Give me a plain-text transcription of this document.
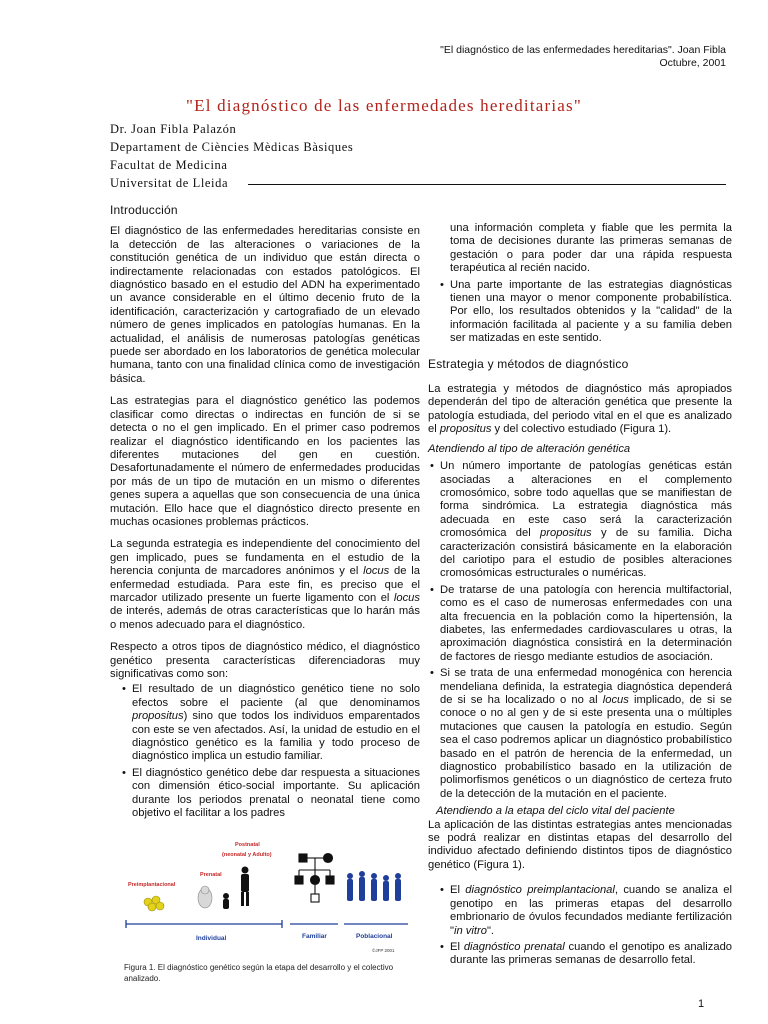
"El diagnóstico de las enfermedades hereditarias". Joan Fibla
Octubre, 2001
"El diagnóstico de las enfermedades hereditarias"
Dr. Joan Fibla Palazón
Departament de Ciències Mèdicas Bàsiques
Facultat de Medicina
Universitat de Lleida
Introducción

El diagnóstico de las enfermedades hereditarias consiste en la detección de las alteraciones o variaciones de la constitución genética de un individuo que están directa o indirectamente relacionadas con estados patológicos. El diagnóstico basado en el estudio del ADN ha experimentado un avance considerable en el último decenio fruto de la identificación, caracterización y cartografiado de un elevado número de genes implicados en patologías humanas. En la actualidad, el análisis de numerosas patologías genéticas puede ser abordado en los laboratorios de genética molecular humana, tanto con una finalidad clínica como de investigación básica.

Las estrategias para el diagnóstico genético las podemos clasificar como directas o indirectas en función de si se detecta o no el gen implicado. En el primer caso podremos realizar el diagnóstico identificando en los pacientes las diferentes mutaciones del gen en cuestión. Desafortunadamente el número de enfermedades producidas por más de un tipo de mutación en un mismo o diferentes genes supera a aquellas que son consecuencia de una única mutación. Ello hace que el diagnóstico directo presente en muchas ocasiones problemas prácticos.

La segunda estrategia es independiente del conocimiento del gen implicado, pues se fundamenta en el estudio de la herencia conjunta de marcadores anónimos y el locus de la enfermedad estudiada. Para este fin, es preciso que el marcador utilizado presente un fuerte ligamento con el locus de interés, además de otras características que lo harán más o menos adecuado para el diagnóstico.

Respecto a otros tipos de diagnóstico médico, el diagnóstico genético presenta características diferenciadoras muy significativas como son:

• El resultado de un diagnóstico genético tiene no solo efectos sobre el paciente (al que denominamos propositus) sino que todos los individuos emparentados con este se ven afectados. Así, la unidad de estudio en el diagnóstico genético es la familia y todo proceso de diagnóstico implica un estudio familiar.
• El diagnóstico genético debe dar respuesta a situaciones con dimensión ético-social importante. Su aplicación durante los periodos prenatal o neonatal tiene como objetivo el facilitar a los padres
Postnatal
(neonatal y Adulto)
Preimplantacional
Prenatal
Individual	Familiar	Poblacional
©JFP 2001
Figura 1. El diagnóstico genético según la etapa del desarrollo y el colectivo analizado.
una información completa y fiable que les permita la toma de decisiones durante las primeras semanas de gestación o para poder dar una rápida respuesta terapéutica al recién nacido.
• Una parte importante de las estrategias diagnósticas tienen una mayor o menor componente probabilística. Por ello, los resultados obtenidos y la "calidad" de la información facilitada al paciente y a su familia deben ser matizadas en este sentido.
Estrategia y métodos de diagnóstico

La estrategia y métodos de diagnóstico más apropiados dependerán del tipo de alteración genética que presente la patología estudiada, del periodo vital en el que es analizado el propositus y del colectivo estudiado (Figura 1).

Atendiendo al tipo de alteración genética
• Un número importante de patologías genéticas están asociadas a alteraciones en el complemento cromosómico, sobre todo aquellas que se manifiestan de forma sindrómica. La estrategia diagnóstica más adecuada en este caso será la caracterización cromosómica del propositus y de su familia. Dicha caracterización consistirá básicamente en la elaboración del cariotipo para el estudio de posibles alteraciones cromosómicas estructurales o numéricas.
• De tratarse de una patología con herencia multifactorial, como es el caso de numerosas enfermedades con una alta frecuencia en la población como la hipertensión, la diabetes, las enfermedades cardiovasculares u otras, la aproximación diagnóstica consistirá en la determinación de factores de riesgo mediante estudios de asociación.
• Si se trata de una enfermedad monogénica con herencia mendeliana definida, la estrategia diagnóstica dependerá de si se ha localizado o no al locus implicado, de si se conoce o no al gen y de si este presenta una o múltiples mutaciones que causen la patología en estudio. Según sea el caso podremos aplicar un diagnóstico probabilístico basado en el patrón de herencia de la enfermedad, un diagnostico probabilístico basado en la utilización de polimorfismos genéticos o un diagnóstico de certeza fruto de la detección de la mutación en el paciente.
Atendiendo a la etapa del ciclo vital del paciente

La aplicación de las distintas estrategias antes mencionadas se podrá realizar en distintas etapas del desarrollo del individuo afectado definiendo distintos tipos de diagnóstico genético (Figura 1).

• El diagnóstico preimplantacional, cuando se analiza el genotipo en las primeras etapas del desarrollo embrionario de óvulos fecundados mediante fertilización "in vitro".
• El diagnóstico prenatal cuando el genotipo es analizado durante las primeras semanas de desarrollo fetal.
1
